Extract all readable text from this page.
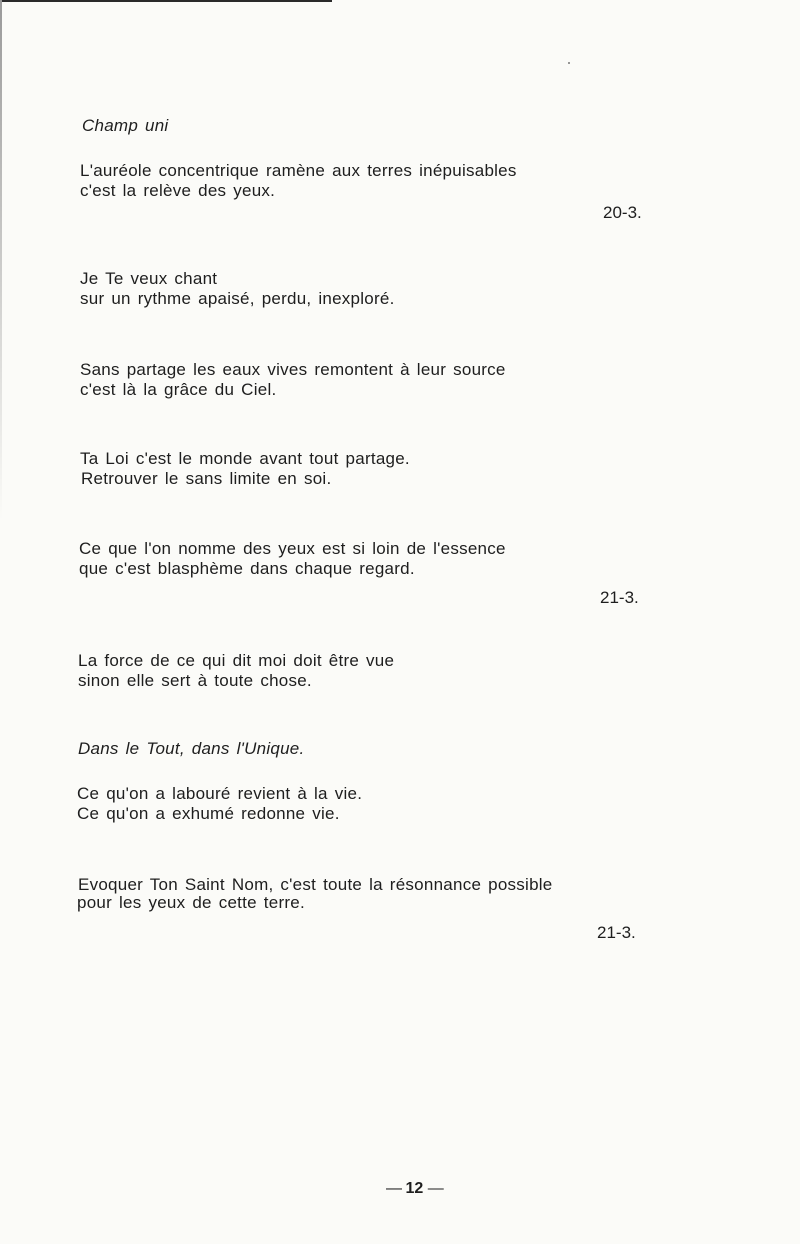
Champ uni
L'auréole concentrique ramène aux terres inépuisables
c'est la relève des yeux.
20-3.
Je Te veux chant
sur un rythme apaisé, perdu, inexploré.
Sans partage les eaux vives remontent à leur source
c'est là la grâce du Ciel.
Ta Loi c'est le monde avant tout partage.
Retrouver le sans limite en soi.
Ce que l'on nomme des yeux est si loin de l'essence
que c'est blasphème dans chaque regard.
21-3.
La force de ce qui dit moi doit être vue
sinon elle sert à toute chose.
Dans le Tout, dans l'Unique.
Ce qu'on a labouré revient à la vie.
Ce qu'on a exhumé redonne vie.
Evoquer Ton Saint Nom, c'est toute la résonnance possible
pour les yeux de cette terre.
21-3.
— 12 —
